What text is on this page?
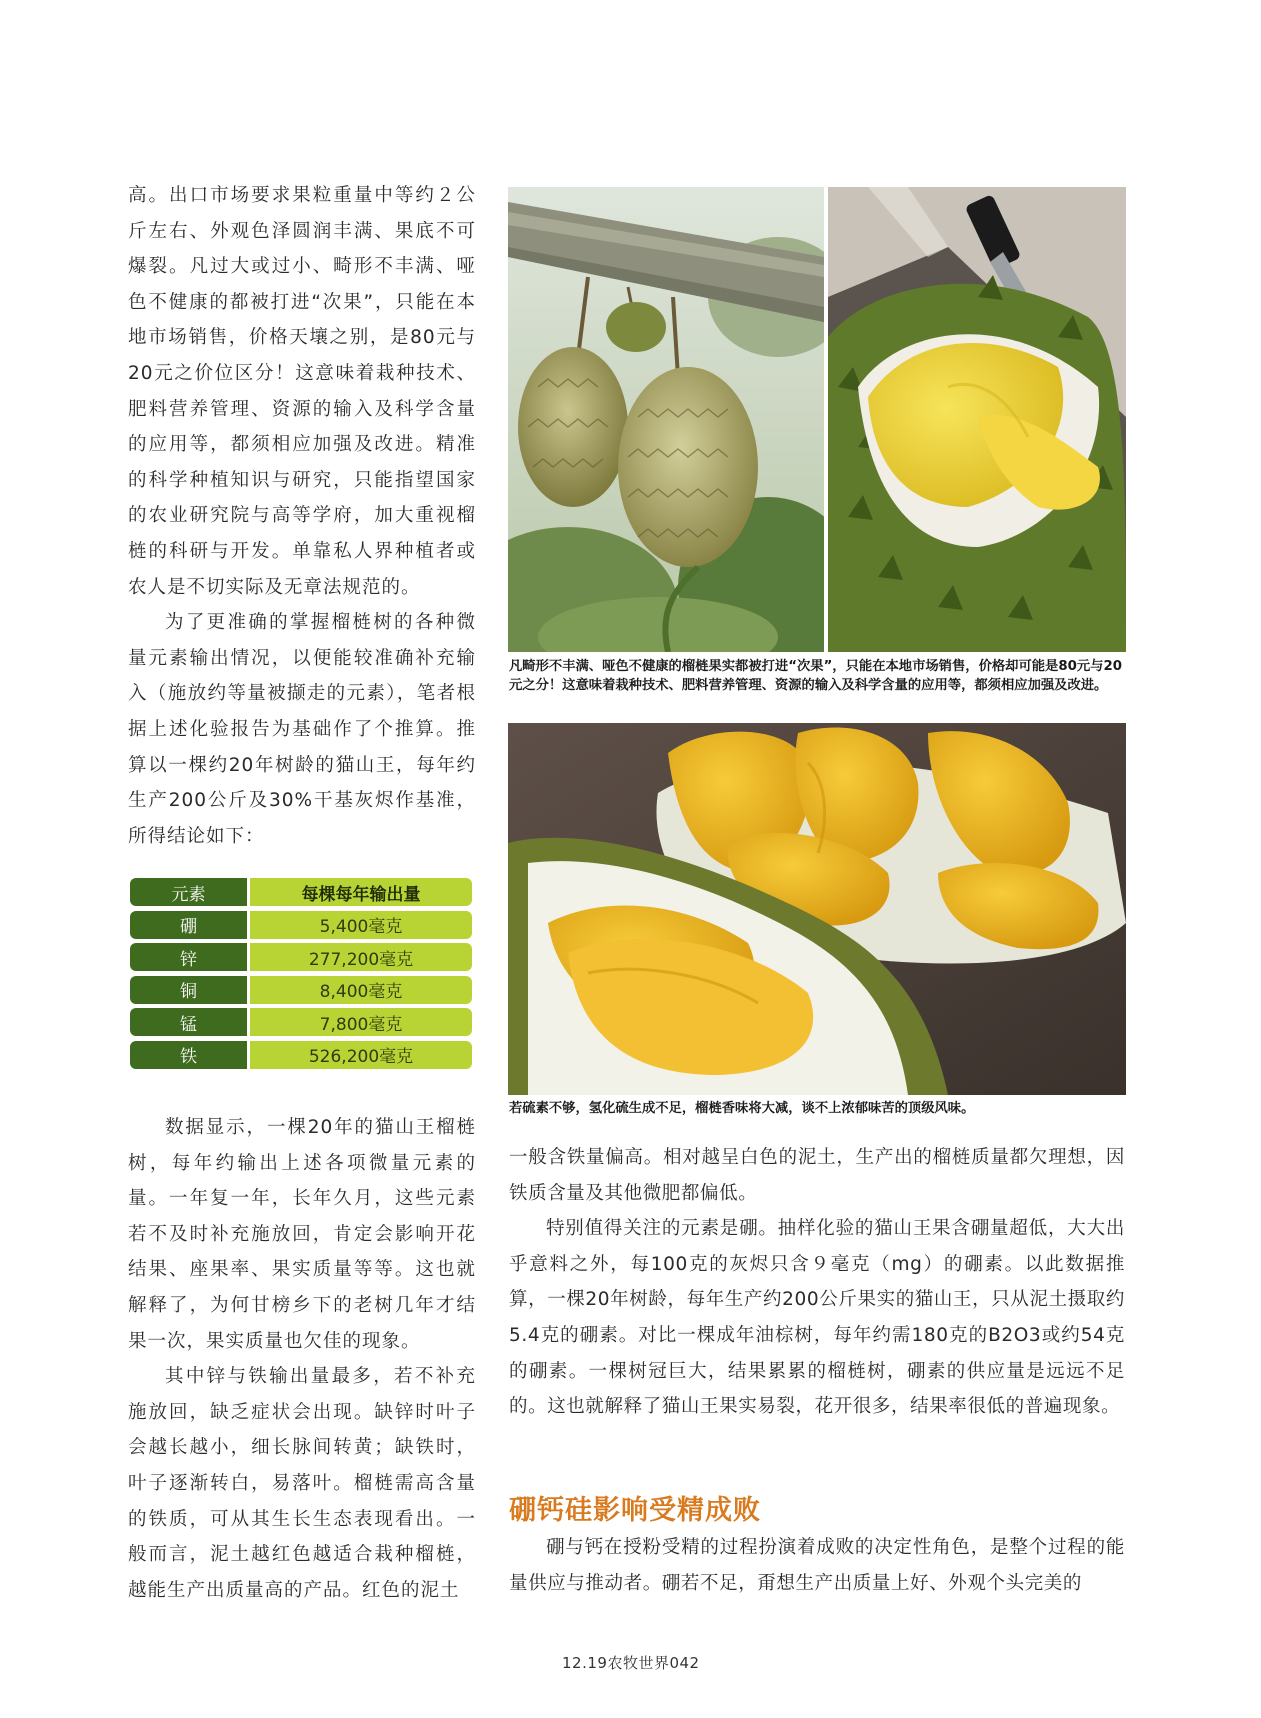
高。出口市场要求果粒重量中等约２公斤左右、外观色泽圆润丰满、果底不可爆裂。凡过大或过小、畸形不丰满、哑色不健康的都被打进“次果”，只能在本地市场销售，价格天壤之别，是80元与20元之价位区分！这意味着栽种技术、肥料营养管理、资源的输入及科学含量的应用等，都须相应加强及改进。精准的科学种植知识与研究，只能指望国家的农业研究院与高等学府，加大重视榴梿的科研与开发。单靠私人界种植者或农人是不切实际及无章法规范的。

为了更准确的掌握榴梿树的各种微量元素输出情况，以便能较准确补充输入（施放约等量被撷走的元素），笔者根据上述化验报告为基础作了个推算。推算以一棵约20年树龄的猫山王，每年约生产200公斤及30%干基灰烬作基准，所得结论如下：

元素	每棵每年输出量
硼	5,400毫克
锌	277,200毫克
铜	8,400毫克
锰	7,800毫克
铁	526,200毫克

数据显示，一棵20年的猫山王榴梿树，每年约输出上述各项微量元素的量。一年复一年，长年久月，这些元素若不及时补充施放回，肯定会影响开花结果、座果率、果实质量等等。这也就解释了，为何甘榜乡下的老树几年才结果一次，果实质量也欠佳的现象。

其中锌与铁输出量最多，若不补充施放回，缺乏症状会出现。缺锌时叶子会越长越小，细长脉间转黄；缺铁时，叶子逐渐转白，易落叶。榴梿需高含量的铁质，可从其生长生态表现看出。一般而言，泥土越红色越适合栽种榴梿，越能生产出质量高的产品。红色的泥土

凡畸形不丰满、哑色不健康的榴梿果实都被打进“次果”，只能在本地市场销售，价格却可能是80元与20元之分！这意味着栽种技术、肥料营养管理、资源的输入及科学含量的应用等，都须相应加强及改进。
若硫素不够，氢化硫生成不足，榴梿香味将大减，谈不上浓郁味苦的顶级风味。

一般含铁量偏高。相对越呈白色的泥土，生产出的榴梿质量都欠理想，因铁质含量及其他微肥都偏低。

特别值得关注的元素是硼。抽样化验的猫山王果含硼量超低，大大出乎意料之外，每100克的灰烬只含９毫克（mg）的硼素。以此数据推算，一棵20年树龄，每年生产约200公斤果实的猫山王，只从泥土摄取约5.4克的硼素。对比一棵成年油棕树，每年约需180克的B2O3或约54克的硼素。一棵树冠巨大，结果累累的榴梿树，硼素的供应量是远远不足的。这也就解释了猫山王果实易裂，花开很多，结果率很低的普遍现象。

硼钙硅影响受精成败

硼与钙在授粉受精的过程扮演着成败的决定性角色，是整个过程的能量供应与推动者。硼若不足，甭想生产出质量上好、外观个头完美的

12.19农牧世界042
